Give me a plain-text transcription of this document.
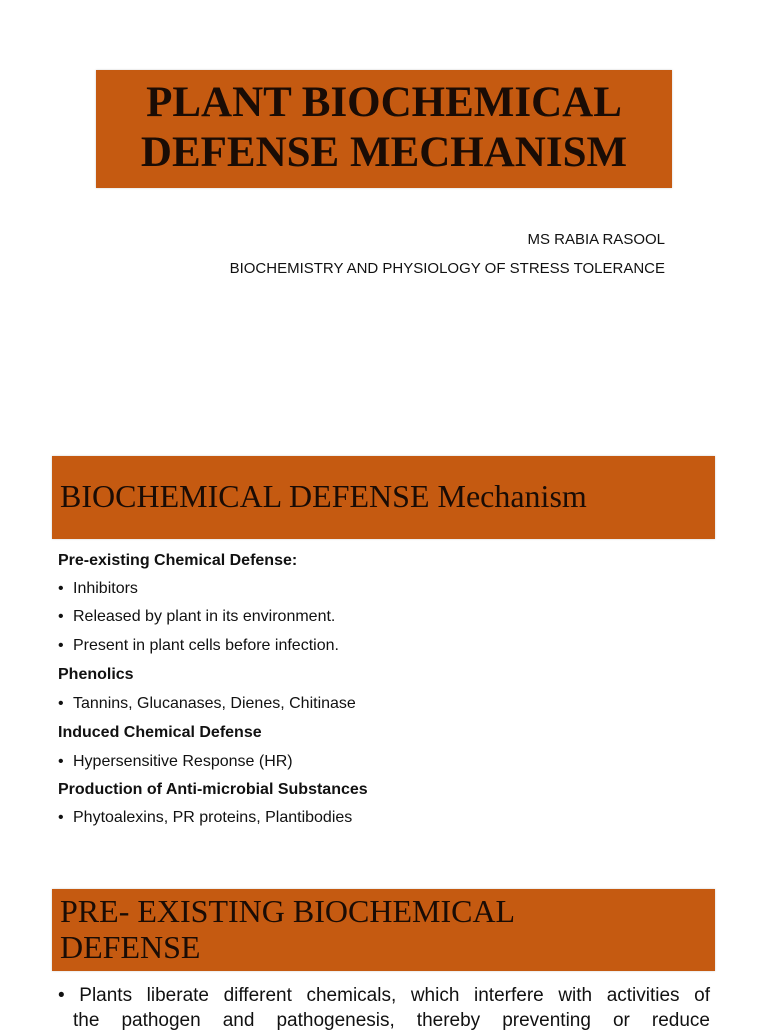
PLANT BIOCHEMICAL
DEFENSE MECHANISM
MS RABIA RASOOL
BIOCHEMISTRY AND PHYSIOLOGY OF STRESS TOLERANCE
BIOCHEMICAL DEFENSE Mechanism
Pre-existing Chemical Defense:
• Inhibitors
• Released by plant in its environment.
• Present in plant cells before infection.
Phenolics
• Tannins, Glucanases, Dienes, Chitinase
Induced Chemical Defense
• Hypersensitive Response (HR)
Production of Anti-microbial Substances
• Phytoalexins, PR proteins, Plantibodies
PRE- EXISTING BIOCHEMICAL
DEFENSE
• Plants liberate different chemicals, which interfere with activities of
the pathogen and pathogenesis, thereby preventing or reduce
